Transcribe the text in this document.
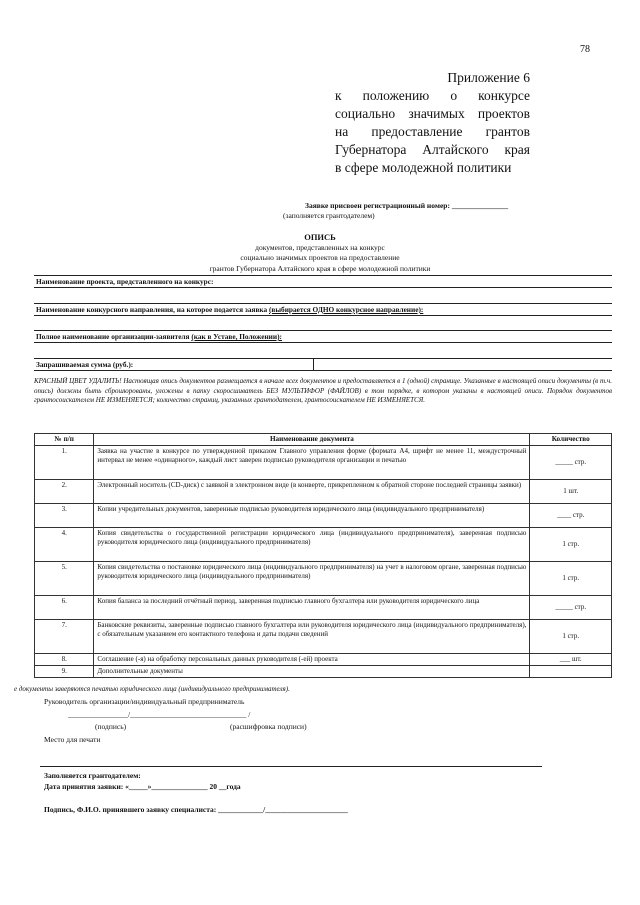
78
Приложение 6
к положению о конкурсе
социально значимых проектов
на предоставление грантов
Губернатора Алтайского края
в сфере молодежной политики
Заявке присвоен регистрационный номер: _______________
(заполняется грантодателем)
ОПИСЬ
документов, представленных на конкурс
социально значимых проектов на предоставление
грантов Губернатора Алтайского края в сфере молодежной политики
Наименование проекта, представленного на конкурс:
Наименование конкурсного направления, на которое подается заявка (выбирается ОДНО конкурсное направление):
Полное наименование организации-заявителя (как в Уставе, Положении):
Запрашиваемая сумма (руб.):
КРАСНЫЙ ЦВЕТ УДАЛИТЬ! Настоящая опись документов размещается в начале всех документов и предоставляется в 1 (одной) странице. Указанные в настоящей описи документы (в т.ч. опись) должны быть сброшюрованы, уложены в папку скоросшиватель БЕЗ МУЛЬТИФОР (ФАЙЛОВ) в том порядке, в котором указаны в настоящей описи. Порядок документов грантосоискателем НЕ ИЗМЕНЯЕТСЯ; количество страниц, указанных грантодателем, грантосоискателем НЕ ИЗМЕНЯЕТСЯ.
№ п/п	Наименование документа	Количество
1.	Заявка на участие в конкурсе по утвержденной приказом Главного управления форме (формата А4, шрифт не менее 11, междустрочный интервал не менее «одинарного», каждый лист заверен подписью руководителя организации и печатью	_____ стр.
2.	Электронный носитель (CD-диск) с заявкой в электронном виде (в конверте, прикрепленном к обратной стороне последней страницы заявки)	1 шт.
3.	Копии учредительных документов, заверенные подписью руководителя юридического лица (индивидуального предпринимателя)	____ стр.
4.	Копия свидетельства о государственной регистрации юридического лица (индивидуального предпринимателя), заверенная подписью руководителя юридического лица (индивидуального предпринимателя)	1 стр.
5.	Копия свидетельства о постановке юридического лица (индивидуального предпринимателя) на учет в налоговом органе, заверенная подписью руководителя юридического лица (индивидуального предпринимателя)	1 стр.
6.	Копия баланса за последний отчётный период, заверенная подписью главного бухгалтера или руководителя юридического лица	_____ стр.
7.	Банковские реквизиты, заверенные подписью главного бухгалтера или руководителя юридического лица (индивидуального предпринимателя), с обязательным указанием его контактного телефона и даты подачи сведений	1 стр.
8.	Соглашение (-я) на обработку персональных данных руководителя (-ей) проекта	___ шт.
9.	Дополнительные документы	
е документы заверяются печатью юридического лица (индивидуального предпринимателя).
Руководитель организации/индивидуальный предприниматель
________________/_______________________________ /
(подпись)	(расшифровка подписи)
Место для печати
Заполняется грантодателем:
Дата принятия заявки: «_____»_______________ 20 __года
Подпись, Ф.И.О. принявшего заявку специалиста: ____________/______________________
